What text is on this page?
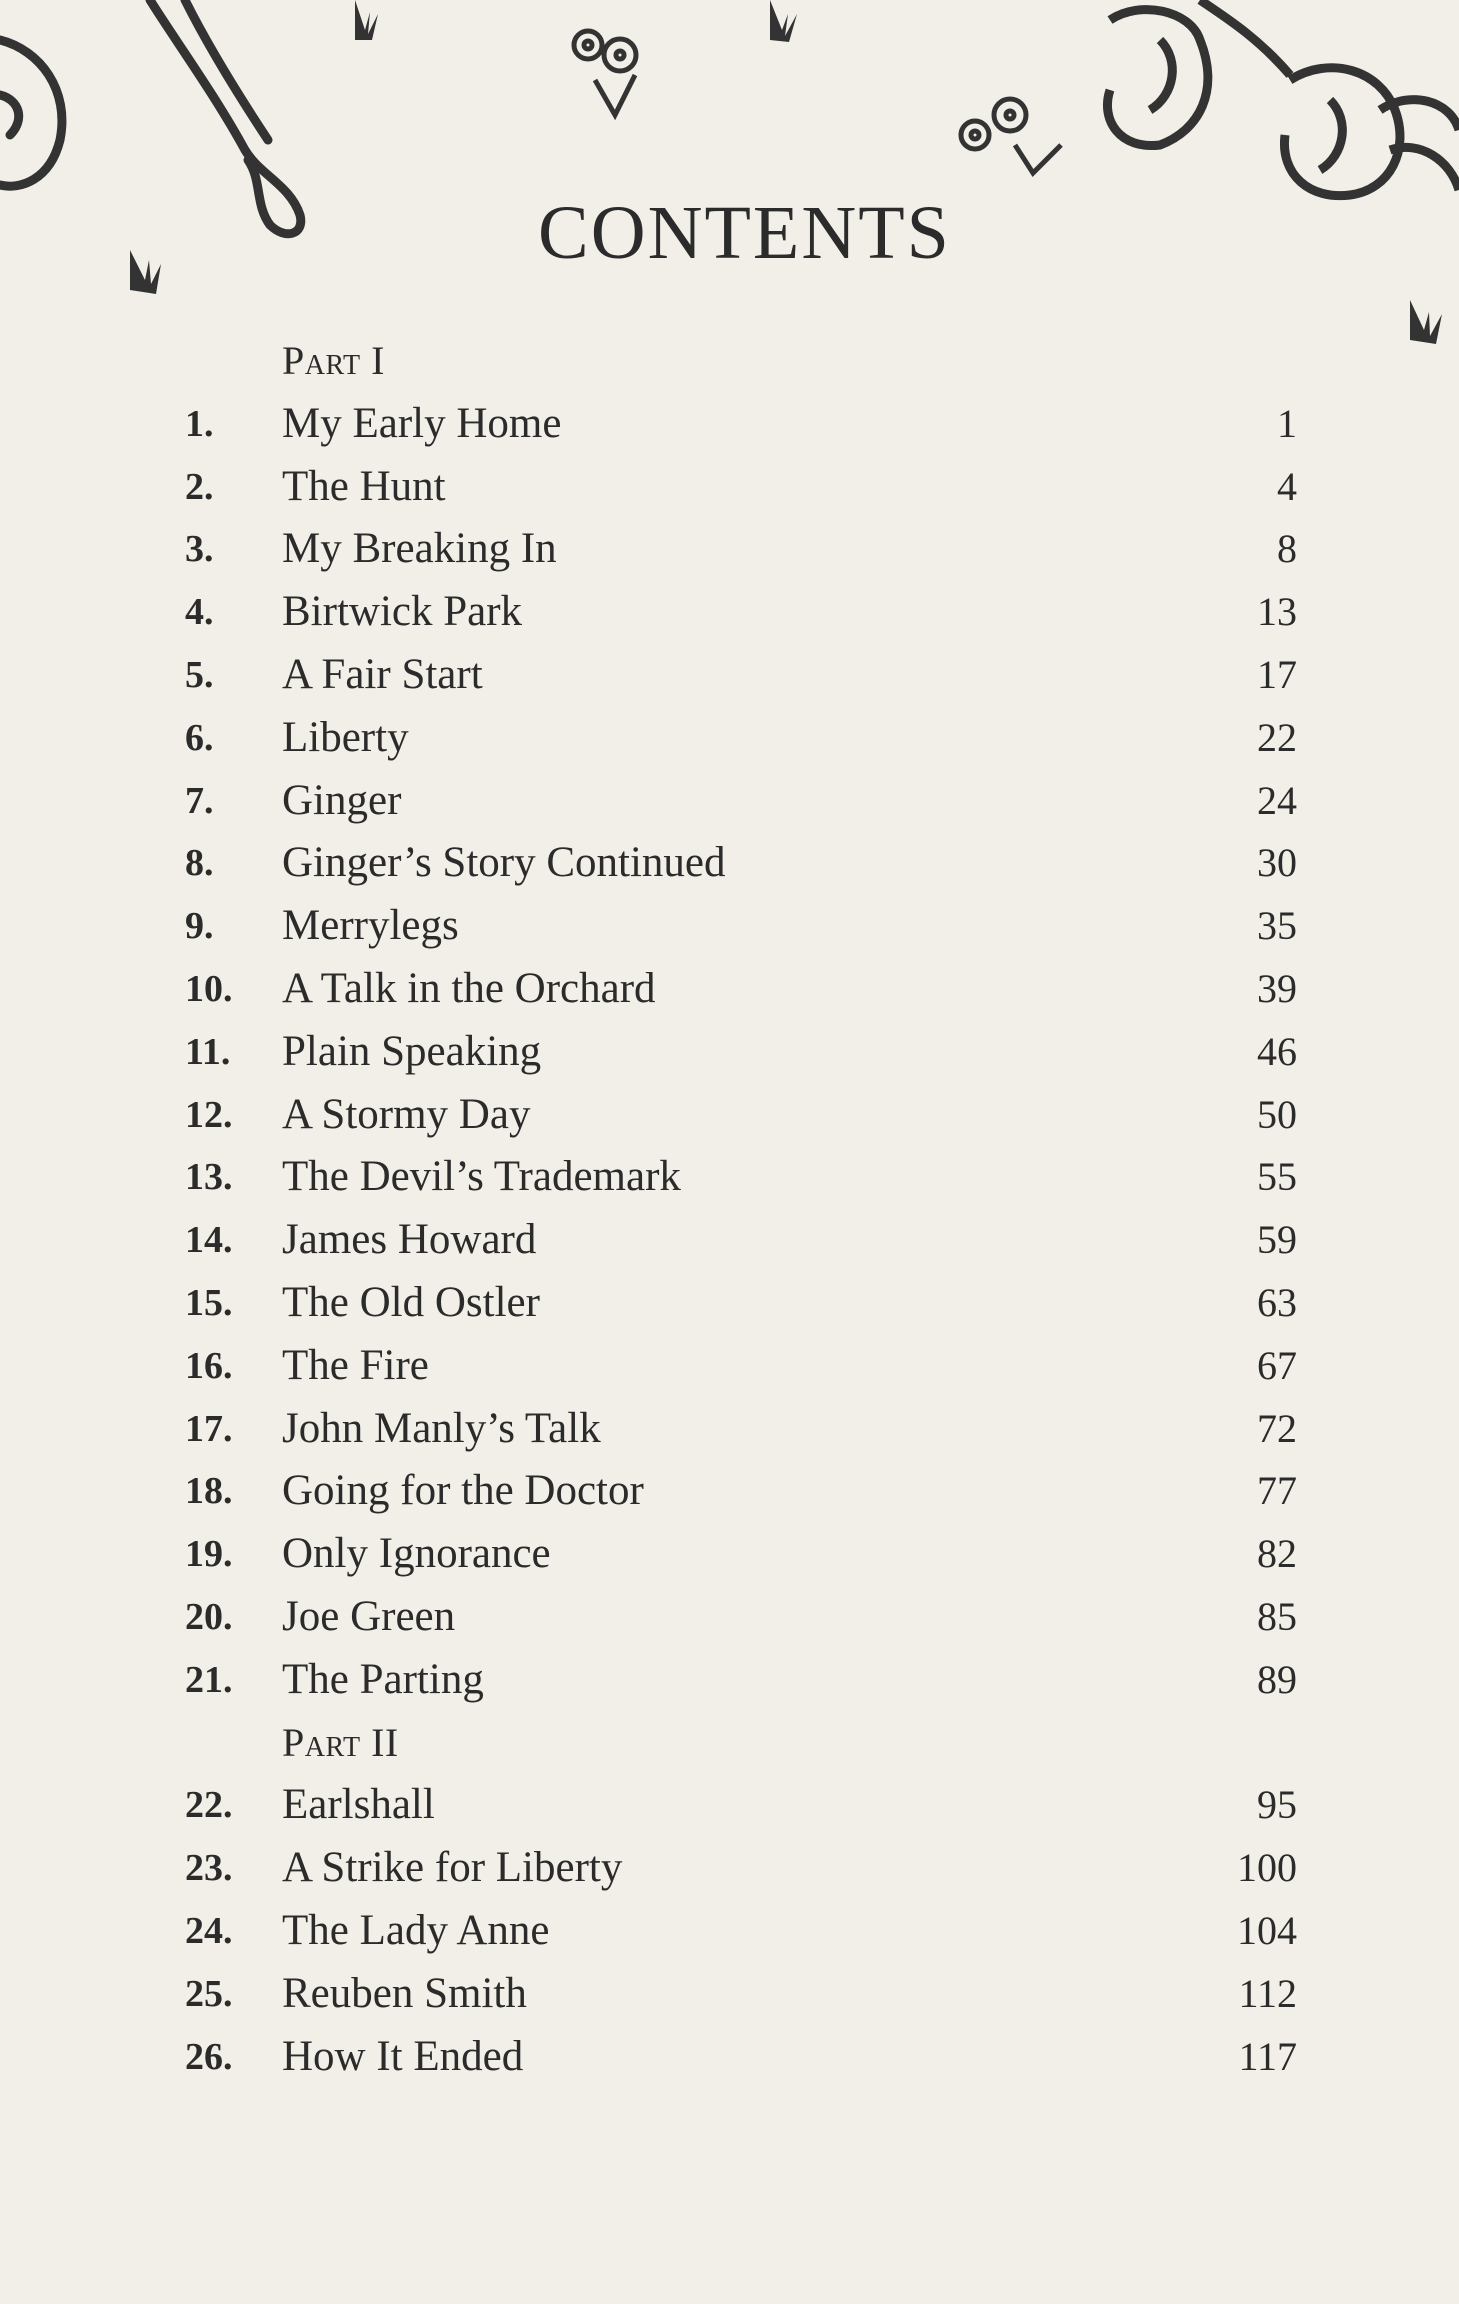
CONTENTS
Part I
1. My Early Home	1
2. The Hunt	4
3. My Breaking In	8
4. Birtwick Park	13
5. A Fair Start	17
6. Liberty	22
7. Ginger	24
8. Ginger’s Story Continued	30
9. Merrylegs	35
10. A Talk in the Orchard	39
11. Plain Speaking	46
12. A Stormy Day	50
13. The Devil’s Trademark	55
14. James Howard	59
15. The Old Ostler	63
16. The Fire	67
17. John Manly’s Talk	72
18. Going for the Doctor	77
19. Only Ignorance	82
20. Joe Green	85
21. The Parting	89
Part II
22. Earlshall	95
23. A Strike for Liberty	100
24. The Lady Anne	104
25. Reuben Smith	112
26. How It Ended	117
